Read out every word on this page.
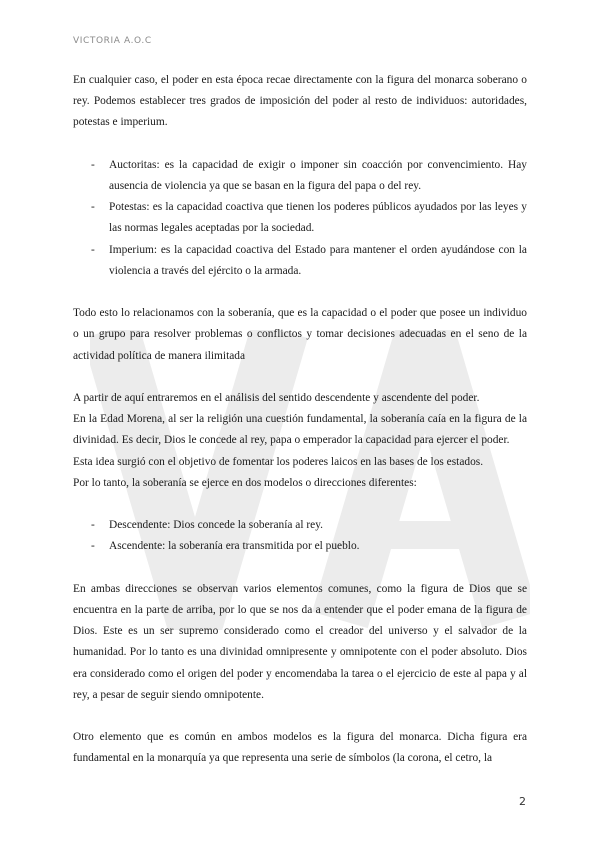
VICTORIA A.O.C

En cualquier caso, el poder en esta época recae directamente con la figura del monarca soberano o rey. Podemos establecer tres grados de imposición del poder al resto de individuos: autoridades, potestas e imperium.

- Auctoritas: es la capacidad de exigir o imponer sin coacción por convencimiento. Hay ausencia de violencia ya que se basan en la figura del papa o del rey.
- Potestas: es la capacidad coactiva que tienen los poderes públicos ayudados por las leyes y las normas legales aceptadas por la sociedad.
- Imperium: es la capacidad coactiva del Estado para mantener el orden ayudándose con la violencia a través del ejército o la armada.

Todo esto lo relacionamos con la soberanía, que es la capacidad o el poder que posee un individuo o un grupo para resolver problemas o conflictos y tomar decisiones adecuadas en el seno de la actividad política de manera ilimitada

A partir de aquí entraremos en el análisis del sentido descendente y ascendente del poder.

En la Edad Morena, al ser la religión una cuestión fundamental, la soberanía caía en la figura de la divinidad. Es decir, Dios le concede al rey, papa o emperador la capacidad para ejercer el poder.

Esta idea surgió con el objetivo de fomentar los poderes laicos en las bases de los estados.

Por lo tanto, la soberanía se ejerce en dos modelos o direcciones diferentes:

- Descendente: Dios concede la soberanía al rey.
- Ascendente: la soberanía era transmitida por el pueblo.

En ambas direcciones se observan varios elementos comunes, como la figura de Dios que se encuentra en la parte de arriba, por lo que se nos da a entender que el poder emana de la figura de Dios. Este es un ser supremo considerado como el creador del universo y el salvador de la humanidad. Por lo tanto es una divinidad omnipresente y omnipotente con el poder absoluto. Dios era considerado como el origen del poder y encomendaba la tarea o el ejercicio de este al papa y al rey, a pesar de seguir siendo omnipotente.

Otro elemento que es común en ambos modelos es la figura del monarca. Dicha figura era fundamental en la monarquía ya que representa una serie de símbolos (la corona, el cetro, la

2
